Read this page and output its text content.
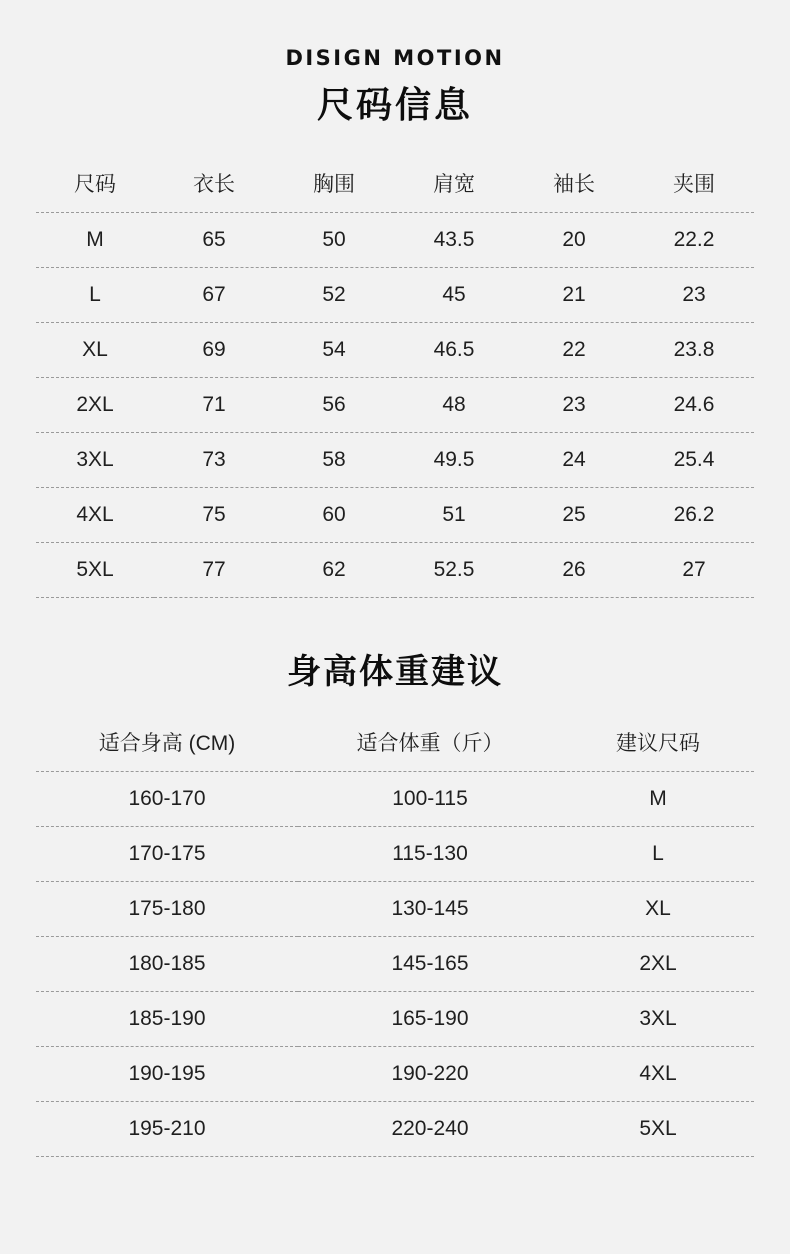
DISIGN MOTION
尺码信息
尺码	衣长	胸围	肩宽	袖长	夹围
M	65	50	43.5	20	22.2
L	67	52	45	21	23
XL	69	54	46.5	22	23.8
2XL	71	56	48	23	24.6
3XL	73	58	49.5	24	25.4
4XL	75	60	51	25	26.2
5XL	77	62	52.5	26	27
身高体重建议
适合身高 (CM)	适合体重（斤）	建议尺码
160-170	100-115	M
170-175	115-130	L
175-180	130-145	XL
180-185	145-165	2XL
185-190	165-190	3XL
190-195	190-220	4XL
195-210	220-240	5XL
